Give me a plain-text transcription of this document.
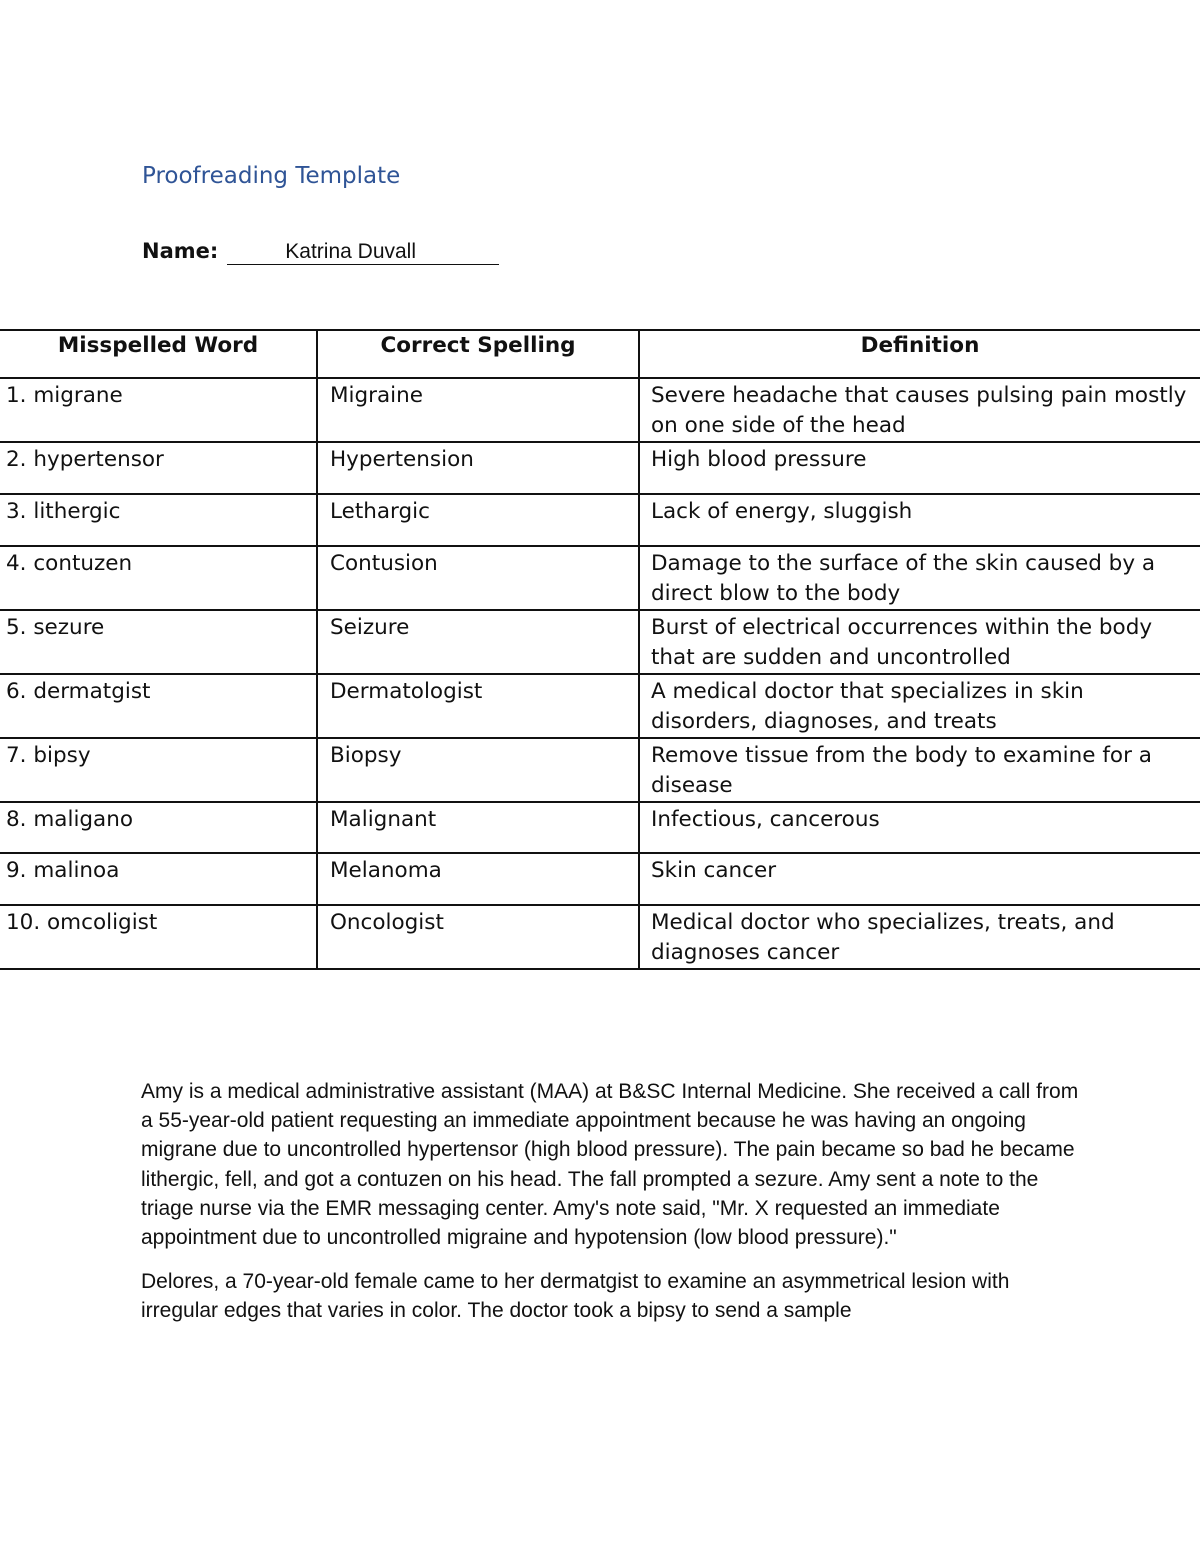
Proofreading Template
Name:	Katrina Duvall
Misspelled Word	Correct Spelling	Definition
1. migrane	Migraine	Severe headache that causes pulsing pain mostly on one side of the head
2. hypertensor	Hypertension	High blood pressure
3. lithergic	Lethargic	Lack of energy, sluggish
4. contuzen	Contusion	Damage to the surface of the skin caused by a direct blow to the body
5. sezure	Seizure	Burst of electrical occurrences within the body that are sudden and uncontrolled
6. dermatgist	Dermatologist	A medical doctor that specializes in skin disorders, diagnoses, and treats
7. bipsy	Biopsy	Remove tissue from the body to examine for a disease
8. maligano	Malignant	Infectious, cancerous
9. malinoa	Melanoma	Skin cancer
10. omcoligist	Oncologist	Medical doctor who specializes, treats, and diagnoses cancer

Amy is a medical administrative assistant (MAA) at B&SC Internal Medicine. She received a call from a 55-year-old patient requesting an immediate appointment because he was having an ongoing migrane due to uncontrolled hypertensor (high blood pressure). The pain became so bad he became lithergic, fell, and got a contuzen on his head. The fall prompted a sezure. Amy sent a note to the triage nurse via the EMR messaging center. Amy's note said, "Mr. X requested an immediate appointment due to uncontrolled migraine and hypotension (low blood pressure)."

Delores, a 70-year-old female came to her dermatgist to examine an asymmetrical lesion with irregular edges that varies in color. The doctor took a bipsy to send a sample
